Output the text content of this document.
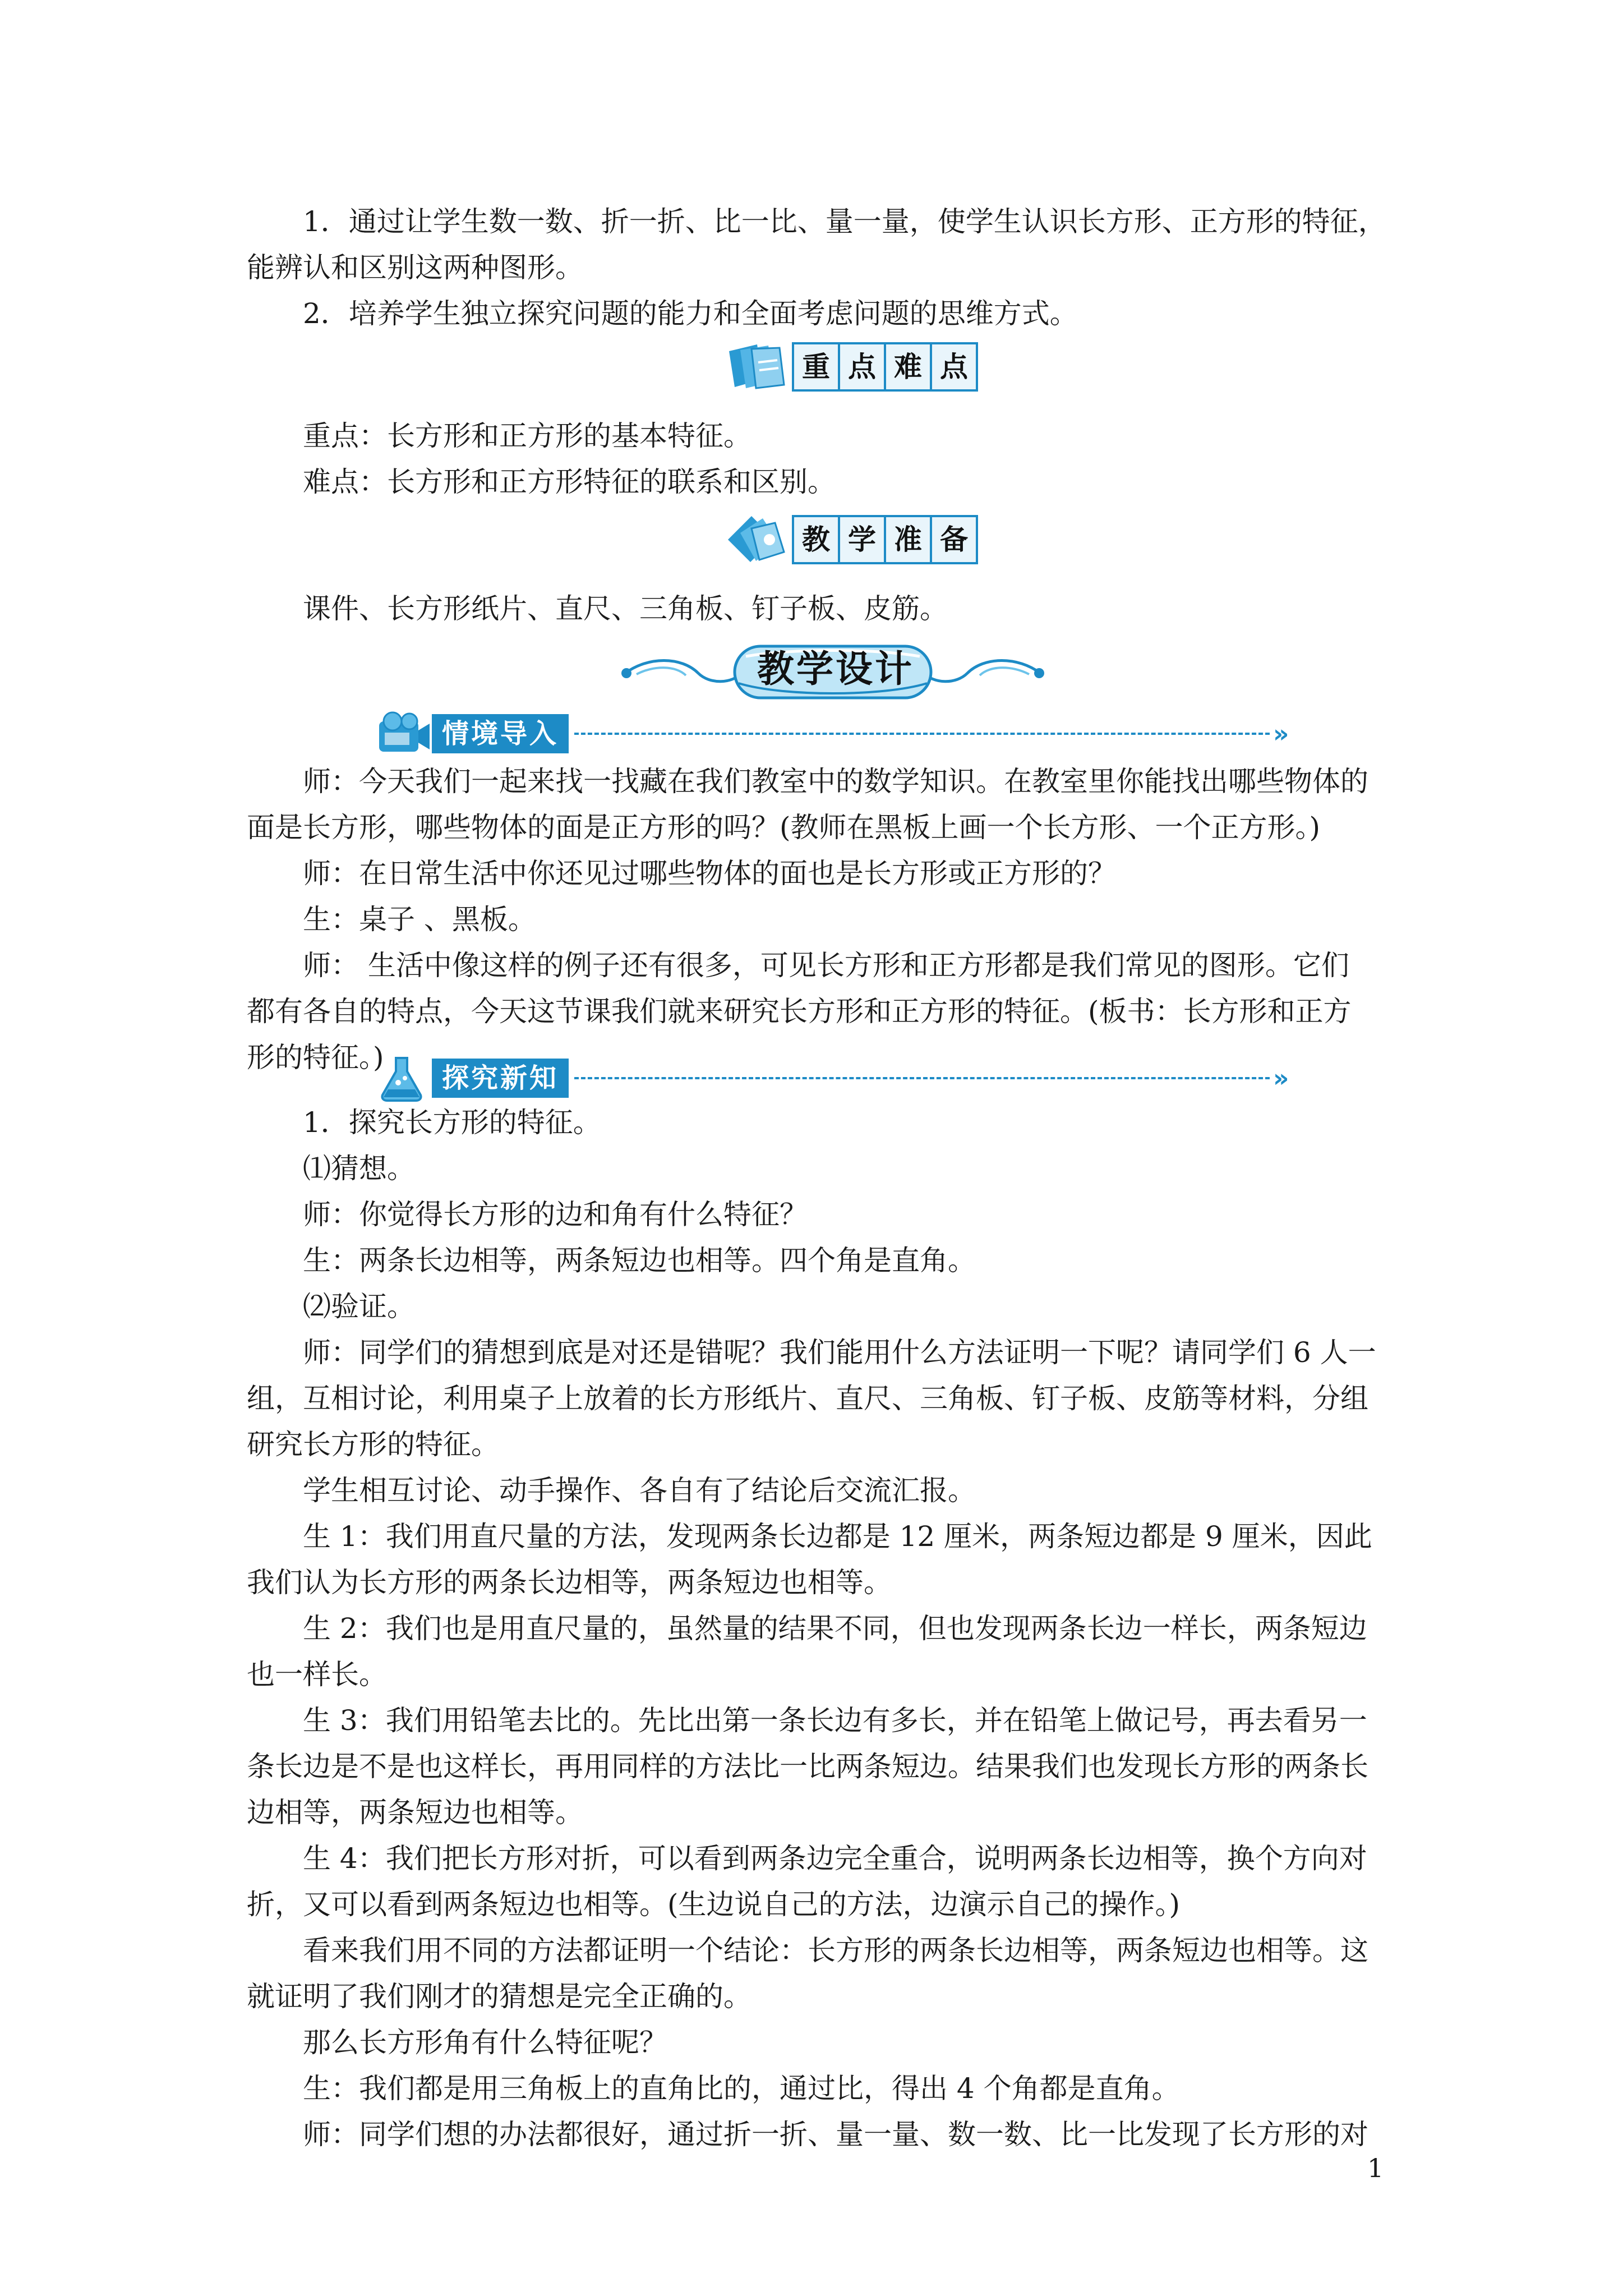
1．通过让学生数一数、折一折、比一比、量一量，使学生认识长方形、正方形的特征，
能辨认和区别这两种图形。
2．培养学生独立探究问题的能力和全面考虑问题的思维方式。
重 点 难 点
重点：长方形和正方形的基本特征。
难点：长方形和正方形特征的联系和区别。
教 学 准 备
课件、长方形纸片、直尺、三角板、钉子板、皮筋。
教学设计
情境导入	»
师：今天我们一起来找一找藏在我们教室中的数学知识。在教室里你能找出哪些物体的
面是长方形，哪些物体的面是正方形的吗？(教师在黑板上画一个长方形、一个正方形。)
师：在日常生活中你还见过哪些物体的面也是长方形或正方形的？
生：桌子 、黑板。
师： 生活中像这样的例子还有很多，可见长方形和正方形都是我们常见的图形。它们
都有各自的特点，今天这节课我们就来研究长方形和正方形的特征。(板书：长方形和正方
形的特征。)
探究新知	»
1．探究长方形的特征。
⑴猜想。
师：你觉得长方形的边和角有什么特征？
生：两条长边相等，两条短边也相等。四个角是直角。
⑵验证。
师：同学们的猜想到底是对还是错呢？我们能用什么方法证明一下呢？请同学们 6 人一
组，互相讨论，利用桌子上放着的长方形纸片、直尺、三角板、钉子板、皮筋等材料，分组
研究长方形的特征。
学生相互讨论、动手操作、各自有了结论后交流汇报。
生 1：我们用直尺量的方法，发现两条长边都是 12 厘米，两条短边都是 9 厘米，因此
我们认为长方形的两条长边相等，两条短边也相等。
生 2：我们也是用直尺量的，虽然量的结果不同，但也发现两条长边一样长，两条短边
也一样长。
生 3：我们用铅笔去比的。先比出第一条长边有多长，并在铅笔上做记号，再去看另一
条长边是不是也这样长，再用同样的方法比一比两条短边。结果我们也发现长方形的两条长
边相等，两条短边也相等。
生 4：我们把长方形对折，可以看到两条边完全重合，说明两条长边相等，换个方向对
折，又可以看到两条短边也相等。(生边说自己的方法，边演示自己的操作。)
看来我们用不同的方法都证明一个结论：长方形的两条长边相等，两条短边也相等。这
就证明了我们刚才的猜想是完全正确的。
那么长方形角有什么特征呢？
生：我们都是用三角板上的直角比的，通过比，得出 4 个角都是直角。
师：同学们想的办法都很好，通过折一折、量一量、数一数、比一比发现了长方形的对
1
